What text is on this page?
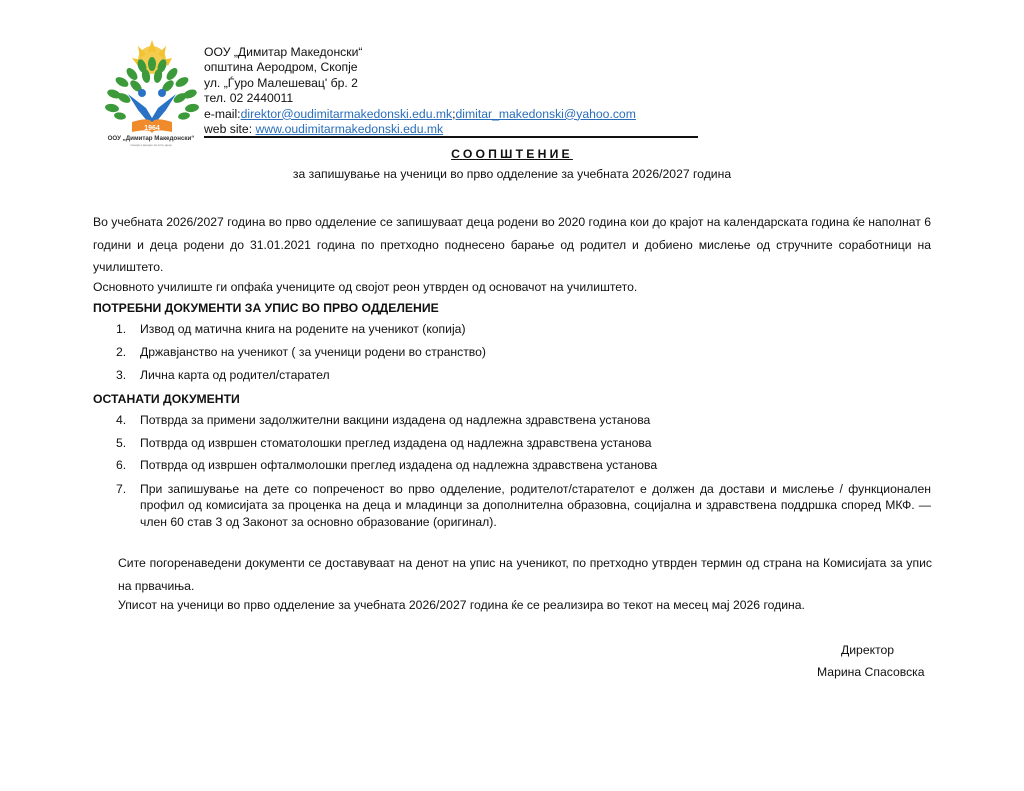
1964
ООУ „Димитар Македонски“
Секоја е вредно за сите деца
ООУ „Димитар Македонски“
општина Аеродром, Скопје
ул. „Ѓуро Малешевац' бр. 2
тел. 02 2440011
e-mail:direktor@oudimitarmakedonski.edu.mk;dimitar_makedonski@yahoo.com
web site: www.oudimitarmakedonski.edu.mk
СООПШТЕНИЕ
за запишување на ученици во прво одделение за учебната 2026/2027 година
Во учебната 2026/2027 година во прво одделение се запишуваат деца родени во 2020 година кои до крајот на календарската година ќе наполнат 6 години и деца родени до 31.01.2021 година по претходно поднесено барање од родител и добиено мислење од стручните соработници на училиштето.
Основното училиште ги опфаќа учениците од својот реон утврден од основачот на училиштето.
ПОТРЕБНИ ДОКУМЕНТИ ЗА УПИС ВО ПРВО ОДДЕЛЕНИЕ
1. Извод од матична книга на родените на ученикот (копија)
2. Државјанство на ученикот ( за ученици родени во странство)
3. Лична карта од родител/старател
ОСТАНАТИ ДОКУМЕНТИ
4. Потврда за примени задолжителни вакцини издадена од надлежна здравствена установа
5. Потврда од извршен стоматолошки преглед издадена од надлежна здравствена установа
6. Потврда од извршен офталмолошки преглед издадена од надлежна здравствена установа
7. При запишување на дете со попреченост во прво одделение, родителот/старателот е должен да достави и мислење / функционален профил од комисијата за проценка на деца и младинци за дополнителна образовна, социјална и здравствена поддршка според МКФ. — член 60 став 3 од Законот за основно образование (оригинал).
Сите погоренаведени документи се доставуваат на денот на упис на ученикот, по претходно утврден термин од страна на Комисијата за упис на првачиња.
Уписот на ученици во прво одделение за учебната 2026/2027 година ќе се реализира во текот на месец мај 2026 година.
Директор
Марина Спасовска
